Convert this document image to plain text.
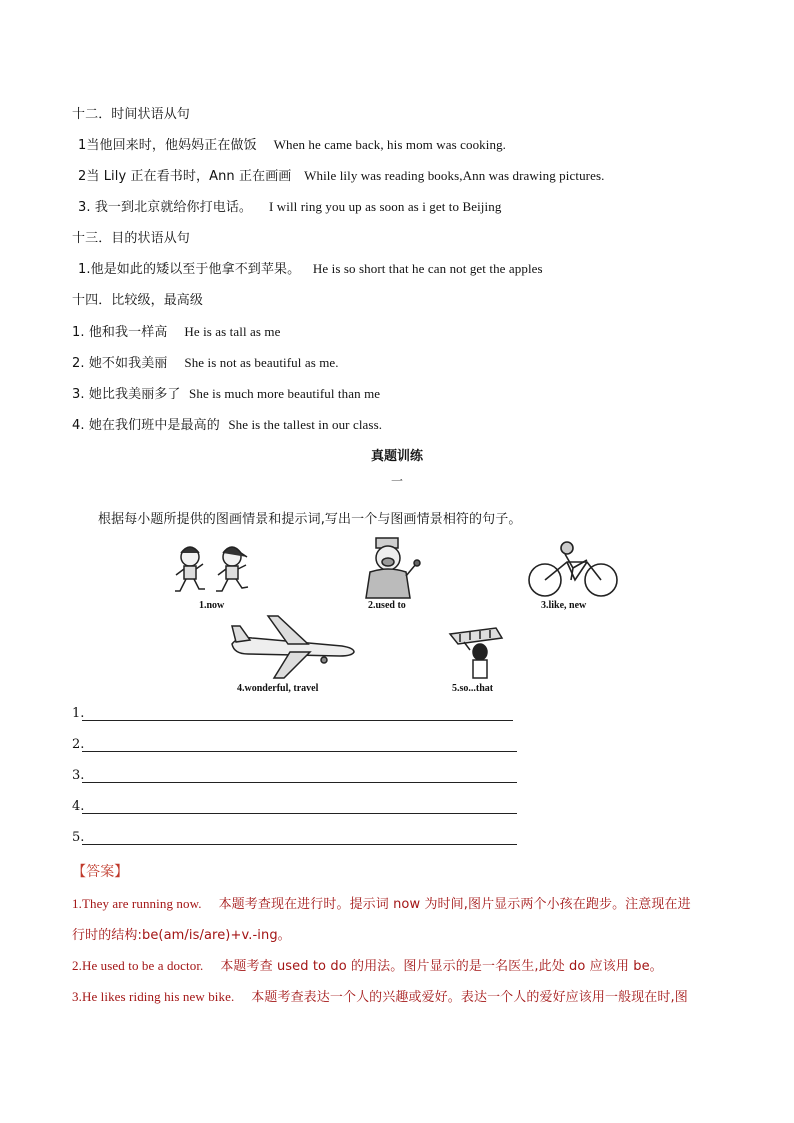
十二．时间状语从句
1当他回来时，他妈妈正在做饭 When he came back, his mom was cooking.
2当 Lily 正在看书时，Ann 正在画画 While lily was reading books,Ann was drawing pictures.
3. 我一到北京就给你打电话。 I will ring you up as soon as i get to Beijing
十三．目的状语从句
1.他是如此的矮以至于他拿不到苹果。 He is so short that he can not get the apples
十四．比较级，最高级
1. 他和我一样高 He is as tall as me
2. 她不如我美丽 She is not as beautiful as me.
3. 她比我美丽多了 She is much more beautiful than me
4. 她在我们班中是最高的 She is the tallest in our class.
真题训练
一
根据每小题所提供的图画情景和提示词,写出一个与图画情景相符的句子。
1.now	2.used to	3.like, new
4.wonderful, travel	5.so...that
1.
2.
3.
4.
5.
【答案】
1.They are running now. 本题考查现在进行时。提示词 now 为时间,图片显示两个小孩在跑步。注意现在进
行时的结构:be(am/is/are)+v.-ing。
2.He used to be a doctor. 本题考查 used to do 的用法。图片显示的是一名医生,此处 do 应该用 be。
3.He likes riding his new bike. 本题考查表达一个人的兴趣或爱好。表达一个人的爱好应该用一般现在时,图
